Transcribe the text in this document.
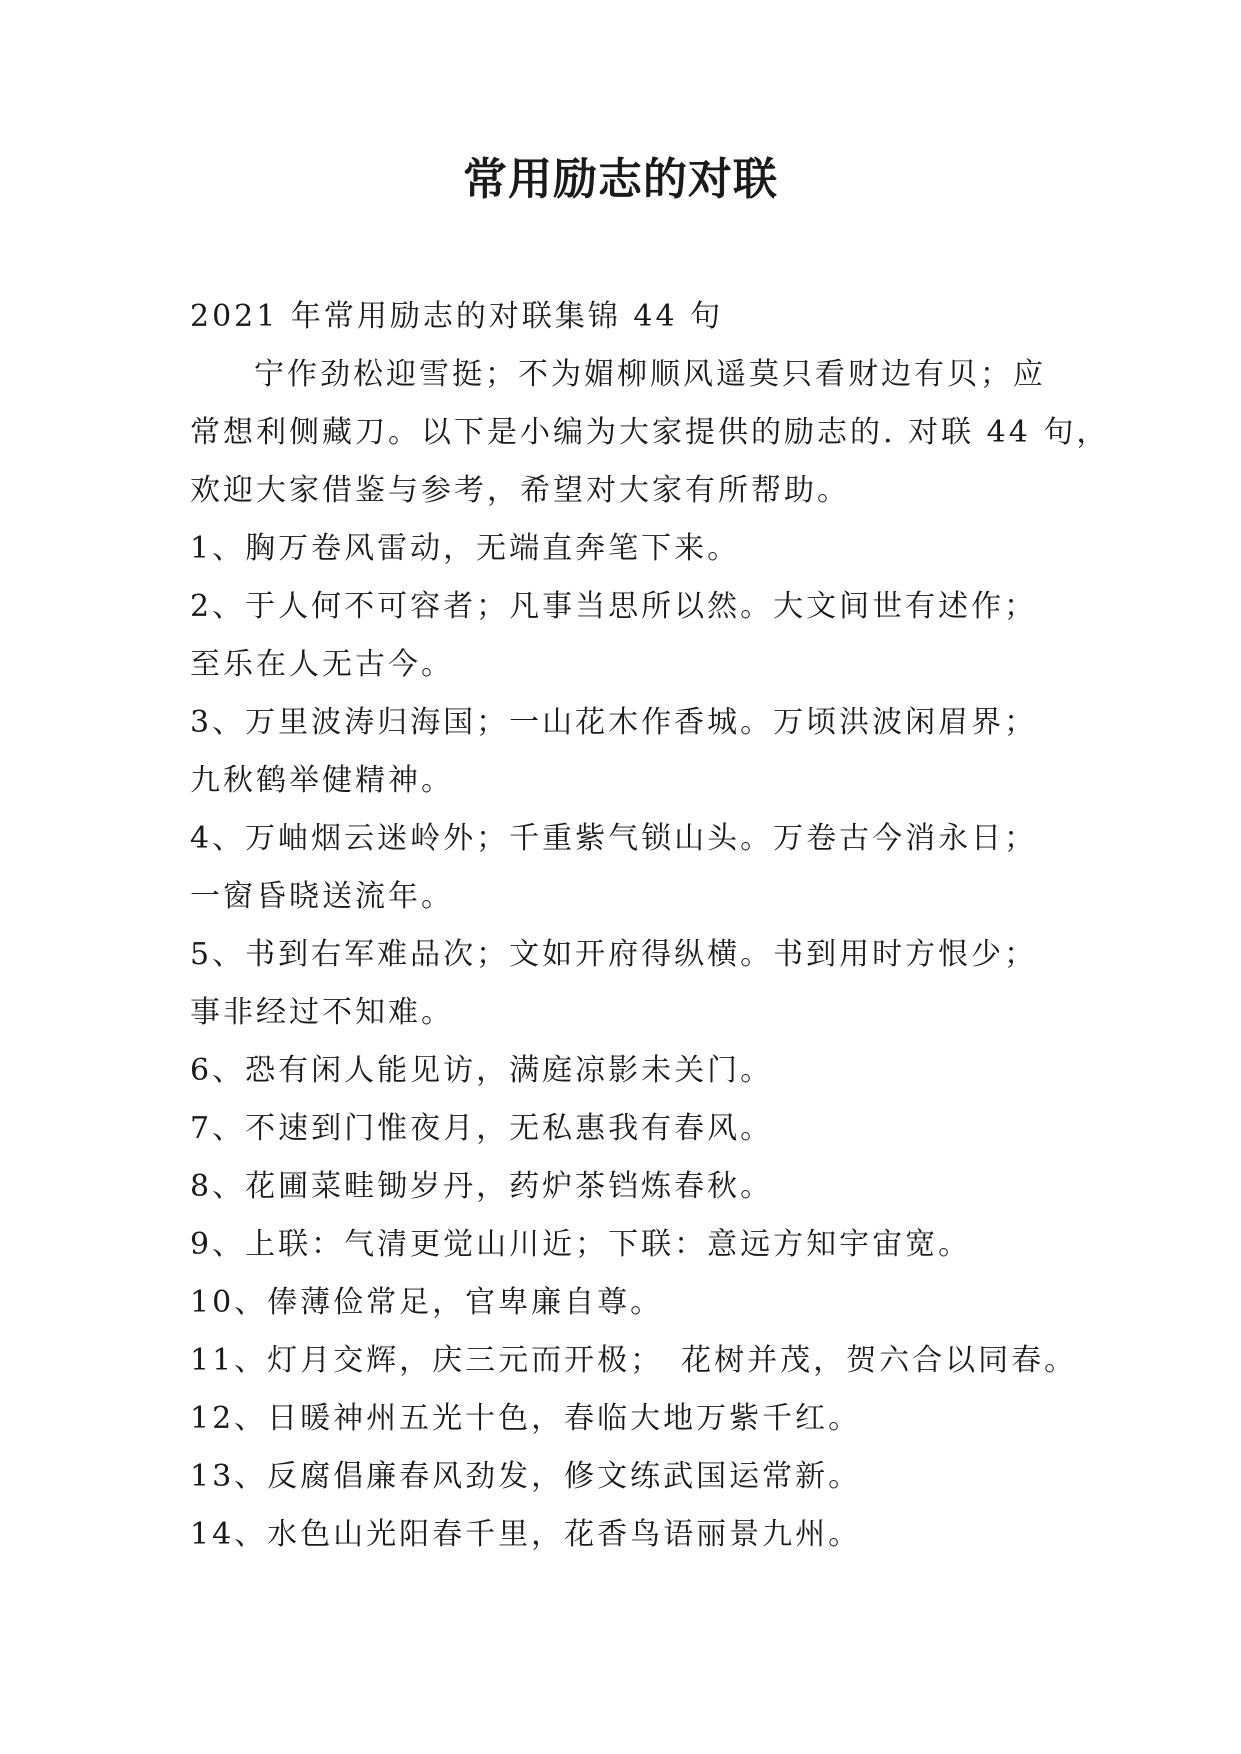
常用励志的对联

2021 年常用励志的对联集锦 44 句

宁作劲松迎雪挺；不为媚柳顺风遥莫只看财边有贝；应

常想利侧藏刀。以下是小编为大家提供的励志的. 对联 44 句，

欢迎大家借鉴与参考，希望对大家有所帮助。

1、胸万卷风雷动，无端直奔笔下来。

2、于人何不可容者；凡事当思所以然。大文间世有述作；

至乐在人无古今。

3、万里波涛归海国；一山花木作香城。万顷洪波闲眉界；

九秋鹤举健精神。

4、万岫烟云迷岭外；千重紫气锁山头。万卷古今消永日；

一窗昏晓送流年。

5、书到右军难品次；文如开府得纵横。书到用时方恨少；

事非经过不知难。

6、恐有闲人能见访，满庭凉影未关门。

7、不速到门惟夜月，无私惠我有春风。

8、花圃菜畦锄岁丹，药炉茶铛炼春秋。

9、上联：气清更觉山川近；下联：意远方知宇宙宽。

10、俸薄俭常足，官卑廉自尊。

11、灯月交辉，庆三元而开极；　花树并茂，贺六合以同春。

12、日暖神州五光十色，春临大地万紫千红。

13、反腐倡廉春风劲发，修文练武国运常新。

14、水色山光阳春千里，花香鸟语丽景九州。
